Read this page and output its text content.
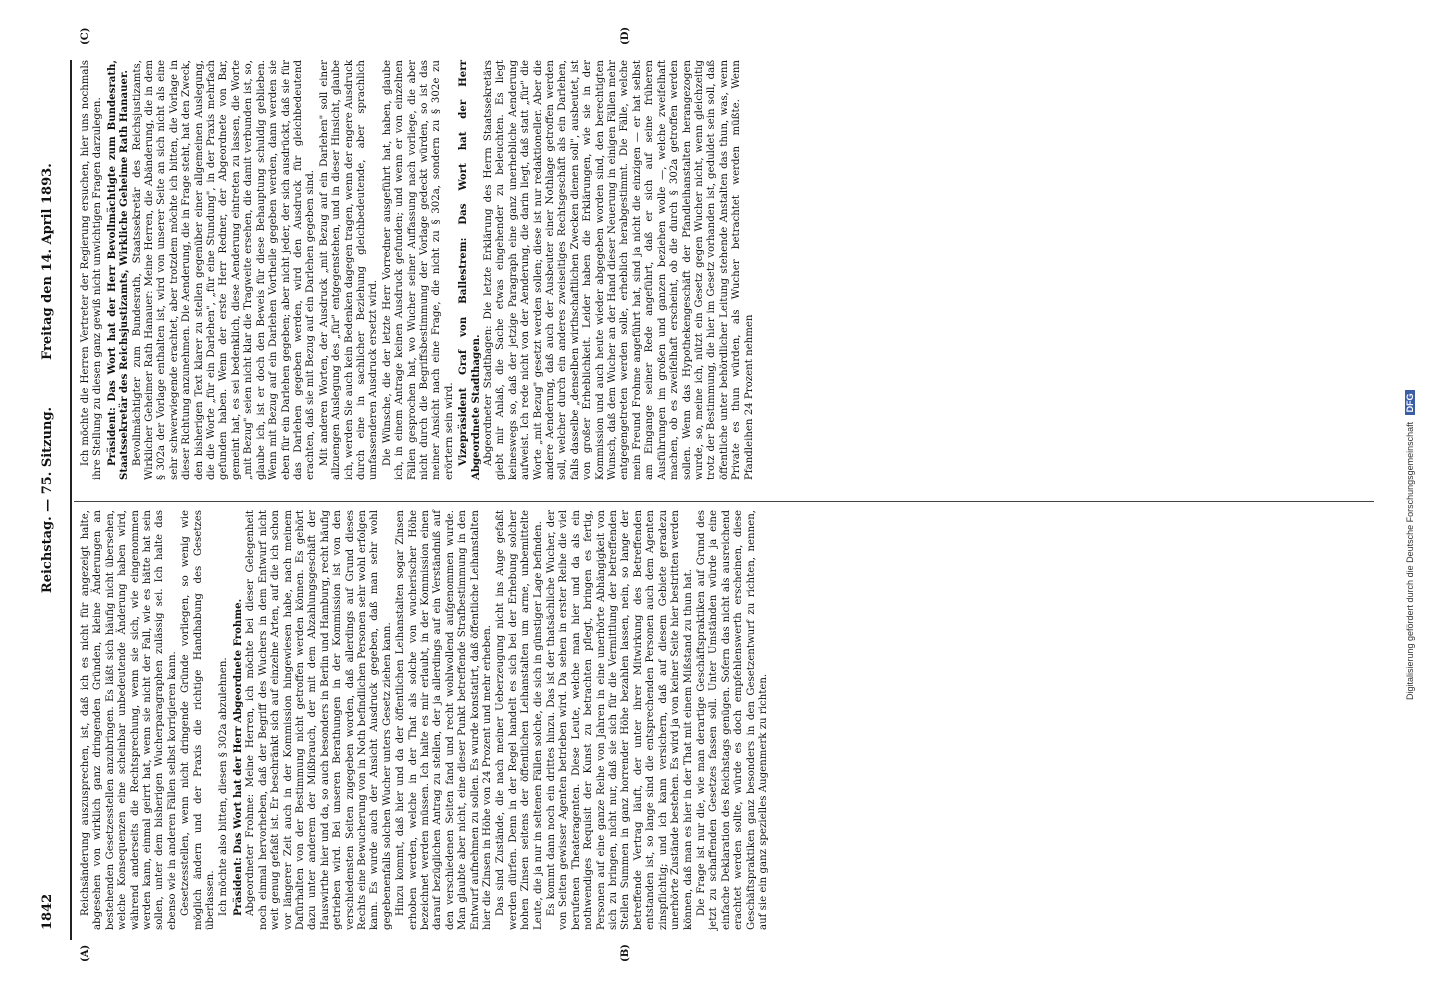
1842
Reichstag. — 75. Sitzung.
Freitag den 14. April 1893.
(A)	(B)
(C)	(D)

Reichsänderung auszusprechen, ist, daß ich es nicht für angezeigt halte, abgesehen von wirklich ganz dringenden Gründen, kleine Änderungen an bestehenden Gesetzesstellen anzubringen. Es läßt sich häufig nicht übersehen, welche Konsequenzen eine scheinbar unbedeutende Änderung haben wird, während anderseits die Rechtsprechung, wenn sie sich, wie eingenommen werden kann, einmal geirrt hat, wenn sie nicht der Fall, wie es hätte hat sein sollen, unter dem bisherigen Wucherparagraphen zulässig sei. Ich halte das ebenso wie in anderen Fällen selbst korrigieren kann. Gesetzesstellen, wenn nicht dringende Gründe vorliegen, so wenig wie möglich ändern und der Praxis die richtige Handhabung des Gesetzes überlassen. Ich möchte also bitten, diesen § 302a abzulehnen. Präsident: Das Wort hat der Herr Abgeordnete Frohme. Abgeordneter Frohme: Meine Herren, ich möchte bei dieser Gelegenheit noch einmal hervorheben, daß der Begriff des Wuchers in dem Entwurf nicht weit genug gefaßt ist. Er beschränkt sich auf einzelne Arten, auf die ich schon vor längerer Zeit auch in der Kommission hingewiesen habe, nach meinem Dafürhalten von der Bestimmung nicht getroffen werden können. Es gehört dazu unter anderem der Mißbrauch, der mit dem Abzahlungsgeschäft der Hauswirthe hier und da, so auch besonders in Berlin und Hamburg, recht häufig getrieben wird. Bei unseren Berathungen in der Kommission ist von den verschiedensten Seiten zugegeben worden, daß allerdings auf Grund dieses Rechts eine Bewucherung von in Noth befindlichen Personen sehr wohl erfolgen kann. Es wurde auch der Ansicht Ausdruck gegeben, daß man sehr wohl gegebenenfalls solchen Wucher unters Gesetz ziehen kann. Hinzu kommt, daß hier und da der öffentlichen Leihanstalten sogar Zinsen erhoben werden, welche in der That als solche von wucherischer Höhe bezeichnet werden müssen. Ich halte es mir erlaubt, in der Kommission einen darauf bezüglichen Antrag zu stellen, der ja allerdings auf ein Verständniß auf den verschiedenen Seiten fand und recht wohlwollend aufgenommen wurde. Man glaubte aber nicht, eine dieser Punkt betreffende Strafbestimmung in den Entwurf aufnehmen zu sollen. Es wurde konstatirt, daß öffentliche Leihanstalten hier die Zinsen in Höhe von 24 Prozent und mehr erheben. Das sind Zustände, die nach meiner Ueberzeugung nicht ins Auge gefaßt werden dürfen. Denn in der Regel handelt es sich bei der Erhebung solcher hohen Zinsen seitens der öffentlichen Leihanstalten um arme, unbemittelte Leute, die ja nur in seltenen Fällen solche, die sich in günstiger Lage befinden. Es kommt dann noch ein drittes hinzu. Das ist der thatsächliche Wucher, der von Seiten gewisser Agenten betrieben wird. Da sehen in erster Reihe die viel berufenen Theateragenten. Diese Leute, welche man hier und da als ein nothwendiges Requisit der Kunst zu betrachten pflegt, bringen es fertig, Personen auf eine ganze Reihe von Jahren in eine unerhörte Abhängigkeit von sich zu bringen, nicht nur, daß sie sich für die Vermittlung der betreffenden Stellen Summen in ganz horrender Höhe bezahlen lassen, nein, so lange der betreffende Vertrag läuft, der unter ihrer Mitwirkung des Betreffenden entstanden ist, so lange sind die entsprechenden Personen auch dem Agenten zinspflichtig; und ich kann versichern, daß auf diesem Gebiete geradezu unerhörte Zustände bestehen. Es wird ja von keiner Seite hier bestritten werden können, daß man es hier in der That mit einem Mißstand zu thun hat. Die Frage ist nur die, wie man derartige Geschäftspraktiken auf Grund des jetzt zu schaffenden Gesetzes fassen soll. Unter Umständen würde ja eine einfache Deklaration des Reichstags genügen. Sofern das nicht als ausreichend erachtet werden sollte, würde es doch empfehlenswerth erscheinen, diese Geschäftspraktiken ganz besonders in den Gesetzentwurf zu richten, nennen, auf sie ein ganz spezielles Augenmerk zu richten.

Ich möchte die Herren Vertreter der Regierung ersuchen, hier uns nochmals ihre Stellung zu diesen ganz gewiß nicht unwichtigen Fragen darzulegen. Präsident: Das Wort hat der Herr Bevollmächtigte zum Bundesrath, Staatssekretär des Reichsjustizamts, Wirkliche Geheime Rath Hanauer. Bevollmächtigter zum Bundesrath, Staatssekretär des Reichsjustizamts, Wirklicher Geheimer Rath Hanauer: Meine Herren, die Abänderung, die in dem § 302a der Vorlage enthalten ist, wird von unserer Seite an sich nicht als eine sehr schwerwiegende erachtet, aber trotzdem möchte ich bitten, die Vorlage in dieser Richtung anzunehmen. Die Aenderung, die in Frage steht, hat den Zweck, den bisherigen Text klarer zu stellen gegenüber einer allgemeinen Auslegung, die die Worte „für ein Darlehen", „für eine Stundung", in der Praxis mehrfach gefunden haben. Wenn der erste Herr Redner, der Abgeordnete von Bar, gemeint hat, es sei bedenklich, diese Aenderung eintreten zu lassen, die Worte „mit Bezug" seien nicht klar die Tragweite ersehen, die damit verbunden ist, so, glaube ich, ist er doch den Beweis für diese Behauptung schuldig geblieben. Wenn mit Bezug auf ein Darlehen Vortheile gegeben werden, dann werden sie eben für ein Darlehen gegeben; aber nicht jeder, der sich ausdrückt, daß sie für das Darlehen gegeben werden, wird den Ausdruck für gleichbedeutend erachten, daß sie mit Bezug auf ein Darlehen gegeben sind. Mit anderen Worten, der Ausdruck „mit Bezug auf ein Darlehen" soll einer allzuengen Auslegung des „für" entgegenstehen, und in dieser Hinsicht, glaube ich, werden Sie auch kein Bedenken dagegen tragen, wenn der engere Ausdruck durch eine in sachlicher Beziehung gleichbedeutende, aber sprachlich umfassenderen Ausdruck ersetzt wird. Die Wünsche, die der letzte Herr Vorredner ausgeführt hat, haben, glaube ich, in einem Antrage keinen Ausdruck gefunden; und wenn er von einzelnen Fällen gesprochen hat, wo Wucher seiner Auffassung nach vorliege, die aber nicht durch die Begriffsbestimmung der Vorlage gedeckt würden, so ist das meiner Ansicht nach eine Frage, die nicht zu § 302a, sondern zu § 302e zu erörtern sein wird. Vizepräsident Graf von Ballestrem: Das Wort hat der Herr Abgeordnete Stadthagen. Abgeordneter Stadthagen: Die letzte Erklärung des Herrn Staatssekretärs giebt mir Anlaß, die Sache etwas eingehender zu beleuchten. Es liegt keineswegs so, daß der jetzige Paragraph eine ganz unerhebliche Aenderung aufweist. Ich rede nicht von der Aenderung, die darin liegt, daß statt „für" die Worte „mit Bezug" gesetzt werden sollen; diese ist nur redaktioneller. Aber die andere Aenderung, daß auch der Ausbeuter einer Nothlage getroffen werden soll, welcher durch ein anderes zweiseitiges Rechtsgeschäft als ein Darlehen, falls dasselbe „denselben wirthschaftlichen Zwecken dienen soll", ausbeutet, ist von großer Erheblichkeit. Leider haben die Erklärungen, wie sie in der Kommission und auch heute wieder abgegeben worden sind, den berechtigten Wunsch, daß dem Wucher an der Hand dieser Neuerung in einigen Fällen mehr entgegengetreten werden solle, erheblich herabgestimmt. Die Fälle, welche mein Freund Frohme angeführt hat, sind ja nicht die einzigen — er hat selbst am Eingange seiner Rede angeführt, daß er sich auf seine früheren Ausführungen im großen und ganzen beziehen wolle —, welche zweifelhaft machen, ob es zweifelhaft erscheint, ob die durch § 302a getroffen werden sollen. Wenn das Hypothekengeschäft der Pfandleihanstalten herangezogen wurde, so, meine ich, nützt ein Gesetz gegen Wucher nicht, wenn gleichzeitig trotz der Bestimmung, die hier im Gesetz vorhanden ist, geduldet sein soll, daß öffentliche unter behördlicher Leitung stehende Anstalten das thun, was, wenn Private es thun würden, als Wucher betrachtet werden müßte. Wenn Pfandleihen 24 Prozent nehmen

Digitalisierung gefördert durch die Deutsche Forschungsgemeinschaft DFG
